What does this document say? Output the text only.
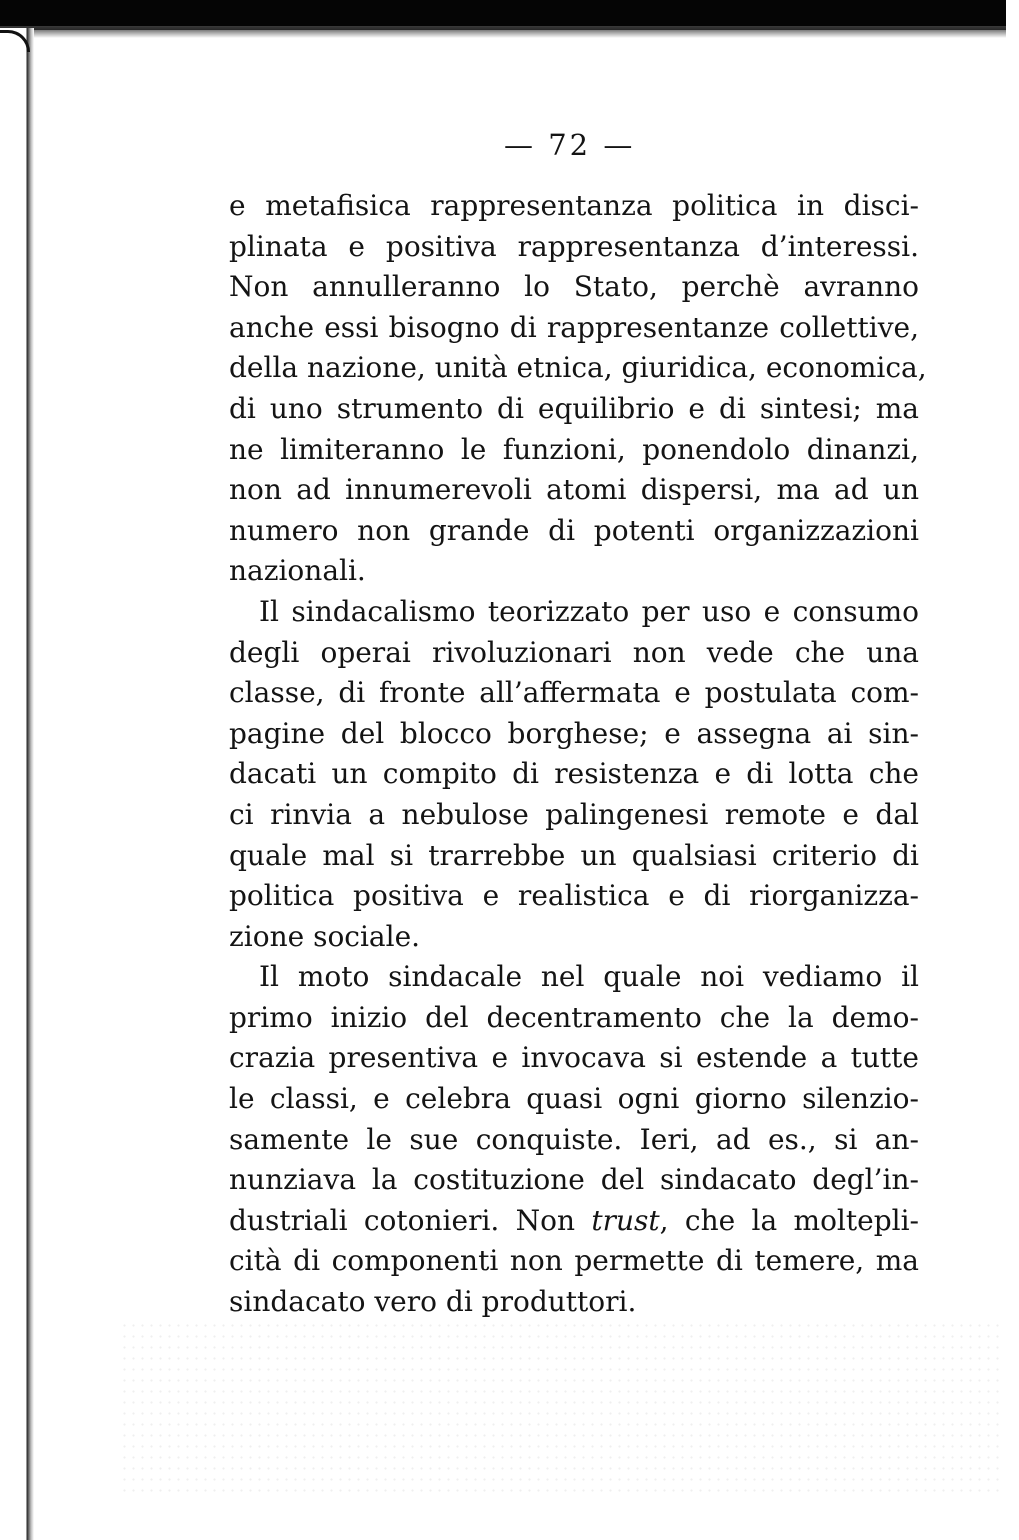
— 72 —
e metafisica rappresentanza politica in disci-
plinata e positiva rappresentanza d’interessi.
Non annulleranno lo Stato, perchè avranno
anche essi bisogno di rappresentanze collettive,
della nazione, unità etnica, giuridica, economica,
di uno strumento di equilibrio e di sintesi; ma
ne limiteranno le funzioni, ponendolo dinanzi,
non ad innumerevoli atomi dispersi, ma ad un
numero non grande di potenti organizzazioni
nazionali.
Il sindacalismo teorizzato per uso e consumo
degli operai rivoluzionari non vede che una
classe, di fronte all’affermata e postulata com-
pagine del blocco borghese; e assegna ai sin-
dacati un compito di resistenza e di lotta che
ci rinvia a nebulose palingenesi remote e dal
quale mal si trarrebbe un qualsiasi criterio di
politica positiva e realistica e di riorganizza-
zione sociale.
Il moto sindacale nel quale noi vediamo il
primo inizio del decentramento che la demo-
crazia presentiva e invocava si estende a tutte
le classi, e celebra quasi ogni giorno silenzio-
samente le sue conquiste. Ieri, ad es., si an-
nunziava la costituzione del sindacato degl’in-
dustriali cotonieri. Non trust, che la moltepli-
cità di componenti non permette di temere, ma
sindacato vero di produttori.
